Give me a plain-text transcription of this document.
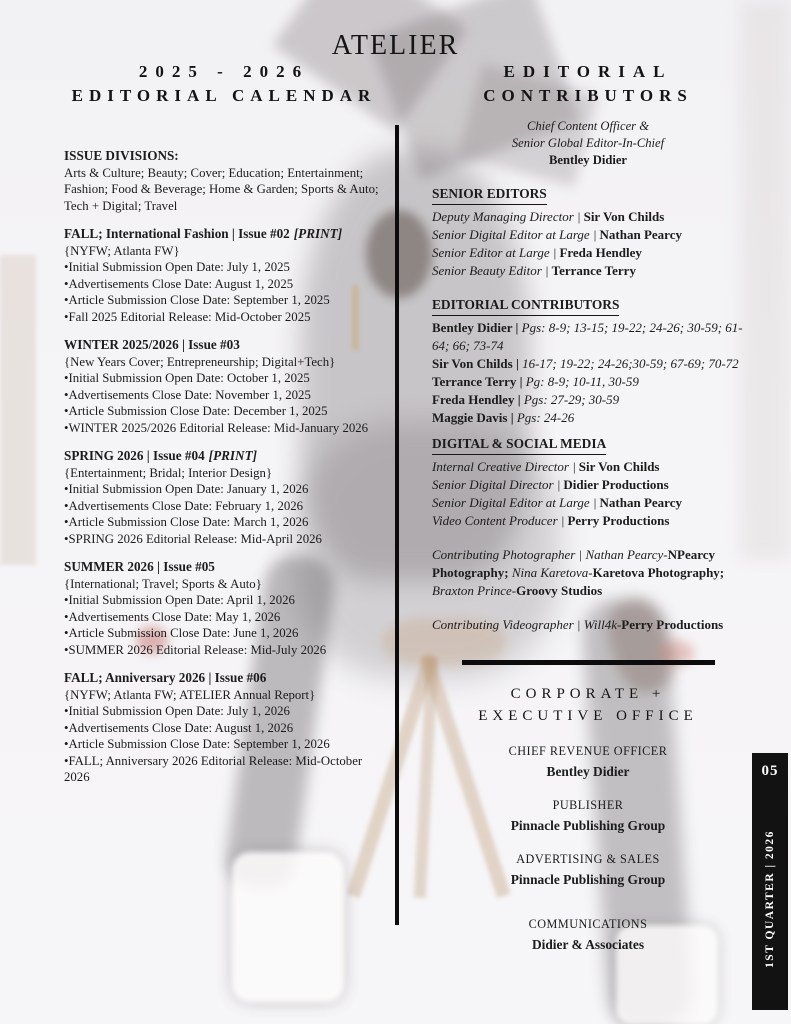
ATELIER
2025 - 2026
EDITORIAL CALENDAR
ISSUE DIVISIONS:
Arts & Culture; Beauty; Cover; Education; Entertainment; Fashion; Food & Beverage; Home & Garden; Sports & Auto; Tech + Digital; Travel
FALL; International Fashion | Issue #02 [PRINT]
{NYFW; Atlanta FW}
•Initial Submission Open Date: July 1, 2025
•Advertisements Close Date: August 1, 2025
•Article Submission Close Date: September 1, 2025
•Fall 2025 Editorial Release: Mid-October 2025
WINTER 2025/2026 | Issue #03
{New Years Cover; Entrepreneurship; Digital+Tech}
•Initial Submission Open Date: October 1, 2025
•Advertisements Close Date: November 1, 2025
•Article Submission Close Date: December 1, 2025
•WINTER 2025/2026 Editorial Release: Mid-January 2026
SPRING 2026 | Issue #04 [PRINT]
{Entertainment; Bridal; Interior Design}
•Initial Submission Open Date: January 1, 2026
•Advertisements Close Date: February 1, 2026
•Article Submission Close Date: March 1, 2026
•SPRING 2026 Editorial Release: Mid-April 2026
SUMMER 2026 | Issue #05
{International; Travel; Sports & Auto}
•Initial Submission Open Date: April 1, 2026
•Advertisements Close Date: May 1, 2026
•Article Submission Close Date: June 1, 2026
•SUMMER 2026 Editorial Release: Mid-July 2026
FALL; Anniversary 2026 | Issue #06
{NYFW; Atlanta FW; ATELIER Annual Report}
•Initial Submission Open Date: July 1, 2026
•Advertisements Close Date: August 1, 2026
•Article Submission Close Date: September 1, 2026
•FALL; Anniversary 2026 Editorial Release: Mid-October 2026
EDITORIAL
CONTRIBUTORS
Chief Content Officer &
Senior Global Editor-In-Chief
Bentley Didier
SENIOR EDITORS
Deputy Managing Director | Sir Von Childs
Senior Digital Editor at Large | Nathan Pearcy
Senior Editor at Large | Freda Hendley
Senior Beauty Editor | Terrance Terry
EDITORIAL CONTRIBUTORS
Bentley Didier | Pgs: 8-9; 13-15; 19-22; 24-26; 30-59; 61-64; 66; 73-74
Sir Von Childs | 16-17; 19-22; 24-26;30-59; 67-69; 70-72
Terrance Terry | Pg: 8-9; 10-11, 30-59
Freda Hendley | Pgs: 27-29; 30-59
Maggie Davis | Pgs: 24-26
DIGITAL & SOCIAL MEDIA
Internal Creative Director | Sir Von Childs
Senior Digital Director | Didier Productions
Senior Digital Editor at Large | Nathan Pearcy
Video Content Producer | Perry Productions
Contributing Photographer | Nathan Pearcy-NPearcy Photography; Nina Karetova-Karetova Photography; Braxton Prince-Groovy Studios
Contributing Videographer | Will4k-Perry Productions
CORPORATE +
EXECUTIVE OFFICE
CHIEF REVENUE OFFICER
Bentley Didier
PUBLISHER
Pinnacle Publishing Group
ADVERTISING & SALES
Pinnacle Publishing Group
COMMUNICATIONS
Didier & Associates
05
1ST QUARTER | 2026
